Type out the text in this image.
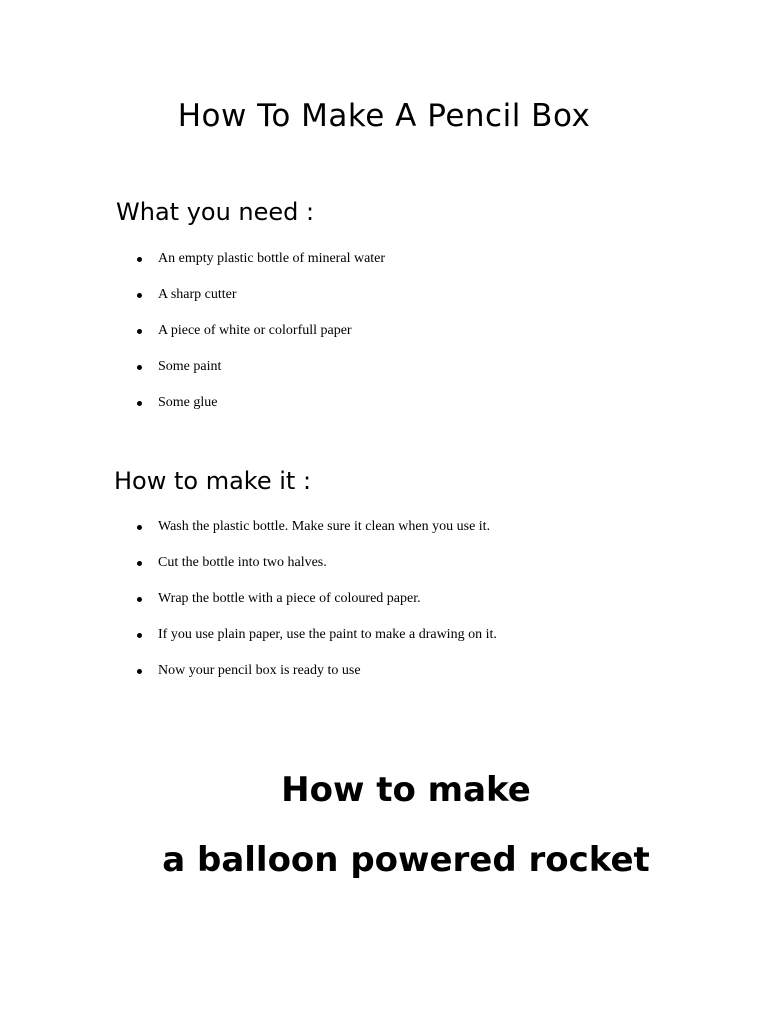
How To Make A Pencil Box
What you need :
An empty plastic bottle of mineral water
A sharp cutter
A piece of white or colorfull paper
Some paint
Some glue
How to make it :
Wash the plastic bottle. Make sure it clean when you use it.
Cut the bottle into two halves.
Wrap the bottle with a piece of coloured paper.
If you use plain paper, use the paint to make a drawing on it.
Now your pencil box is ready to use
How to make
a balloon powered rocket
